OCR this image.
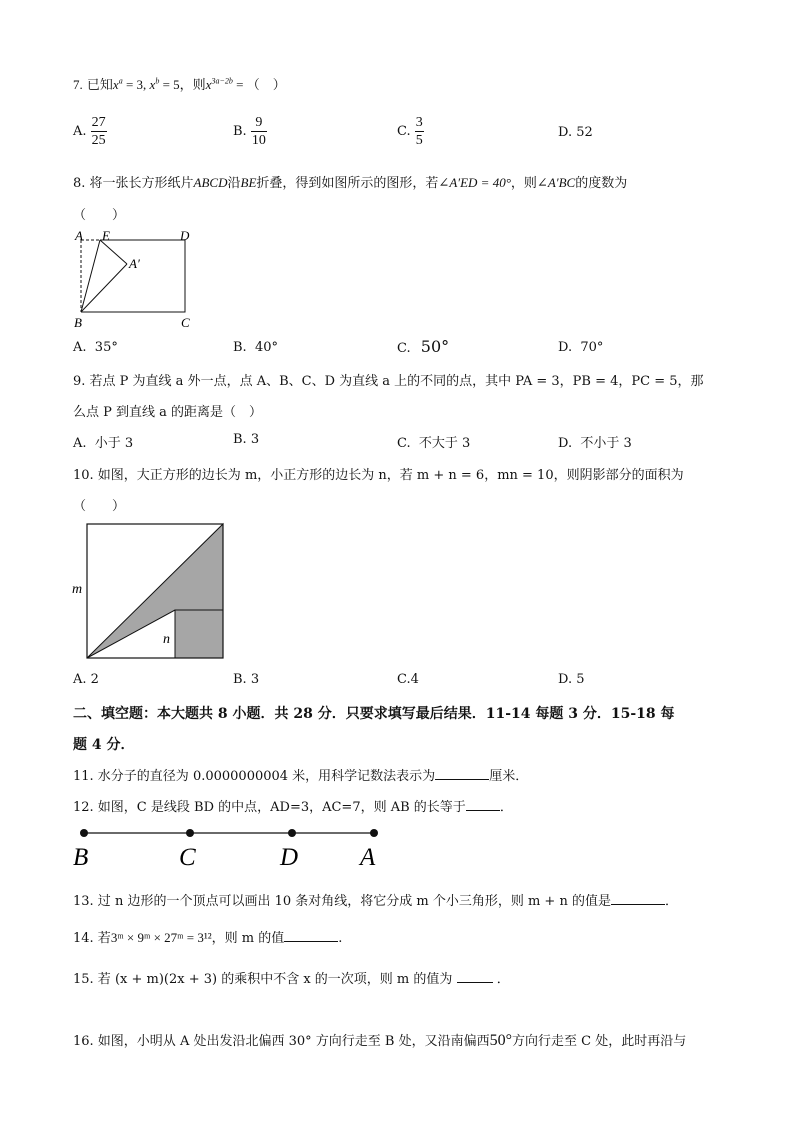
7. 已知$x^a = 3$, $x^b = 5$，则$x^{3a-2b}$ = （　）
A. $\frac{27}{25}$	B. $\frac{9}{10}$	C. $\frac{3}{5}$	D. 52
8. 将一张长方形纸片ABCD沿BE折叠，得到如图所示的图形，若∠A′ED = 40°，则∠A′BC的度数为
（　　）
A E	D
A′
B	C
A. 35°	B. 40°	C. 50°	D. 70°
9. 若点 P 为直线 a 外一点，点 A、B、C、D 为直线 a 上的不同的点，其中 PA = 3，PB = 4，PC = 5，那
么点 P 到直线 a 的距离是（　）
A. 小于 3	B. 3	C. 不大于 3	D. 不小于 3
10. 如图，大正方形的边长为 m，小正方形的边长为 n，若 m + n = 6，mn = 10，则阴影部分的面积为
（　　）
m
n
A. 2	B. 3	C.4	D. 5
二、填空题：本大题共 8 小题．共 28 分．只要求填写最后结果．11-14 每题 3 分．15-18 每
题 4 分．
11. 水分子的直径为 0.0000000004 米，用科学记数法表示为	厘米．
12. 如图，C 是线段 BD 的中点，AD=3，AC=7，则 AB 的长等于	．
B	C	D A
13. 过 n 边形的一个顶点可以画出 10 条对角线，将它分成 m 个小三角形，则 m + n 的值是	．
14. 若3ᵐ × 9ᵐ × 27ᵐ = 3¹²，则 m 的值	.
15. 若 (x + m)(2x + 3) 的乘积中不含 x 的一次项，则 m 的值为	．
16. 如图，小明从 A 处出发沿北偏西 30° 方向行走至 B 处，又沿南偏西50°方向行走至 C 处，此时再沿与
